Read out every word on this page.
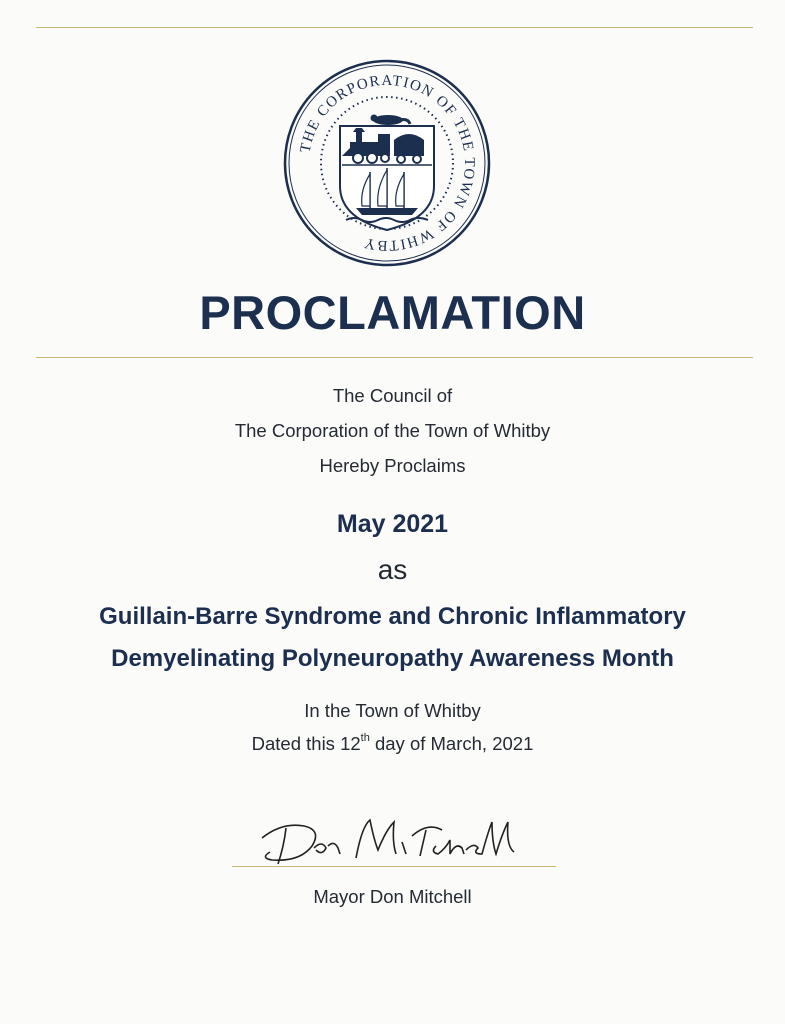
THE CORPORATION OF THE TOWN OF WHITBY
PROCLAMATION
The Council of
The Corporation of the Town of Whitby
Hereby Proclaims
May 2021
as
Guillain-Barre Syndrome and Chronic Inflammatory
Demyelinating Polyneuropathy Awareness Month
In the Town of Whitby
Dated this 12th day of March, 2021
Mayor Don Mitchell
